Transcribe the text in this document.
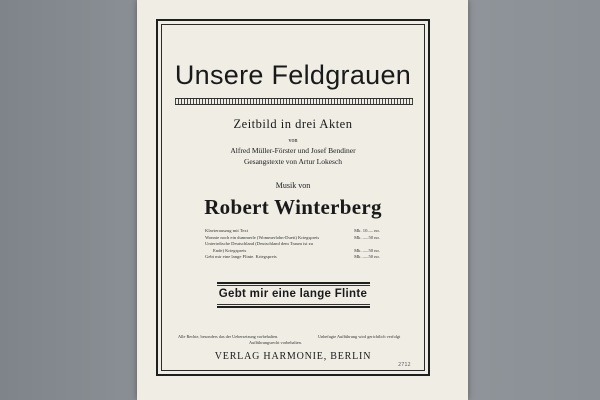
Unsere Feldgrauen
Zeitbild in drei Akten
von
Alfred Müller-Förster und Josef Bendiner
Gesangstexte von Artur Lokesch
Musik von
Robert Winterberg
Klavierauszug mit Text	Mk. 10.— no.
Wonnie noch ein dummerle (Wommerlohn-Duett) Kriegspreis	Mk. —.50 no.
Unterirdische Deutschland (Deutschland dem Traum ist zu
Ende) Kriegspreis	Mk. —.50 no.
Gebt mir eine lange Flinte. Kriegspreis	Mk. —.50 no.
Gebt mir eine lange Flinte
Alle Rechte, besonders das der Uebersetzung vorbehalten.	Unbefugte Aufführung wird gerichtlich verfolgt
Aufführungsrecht vorbehalten.
VERLAG HARMONIE, BERLIN
2712
